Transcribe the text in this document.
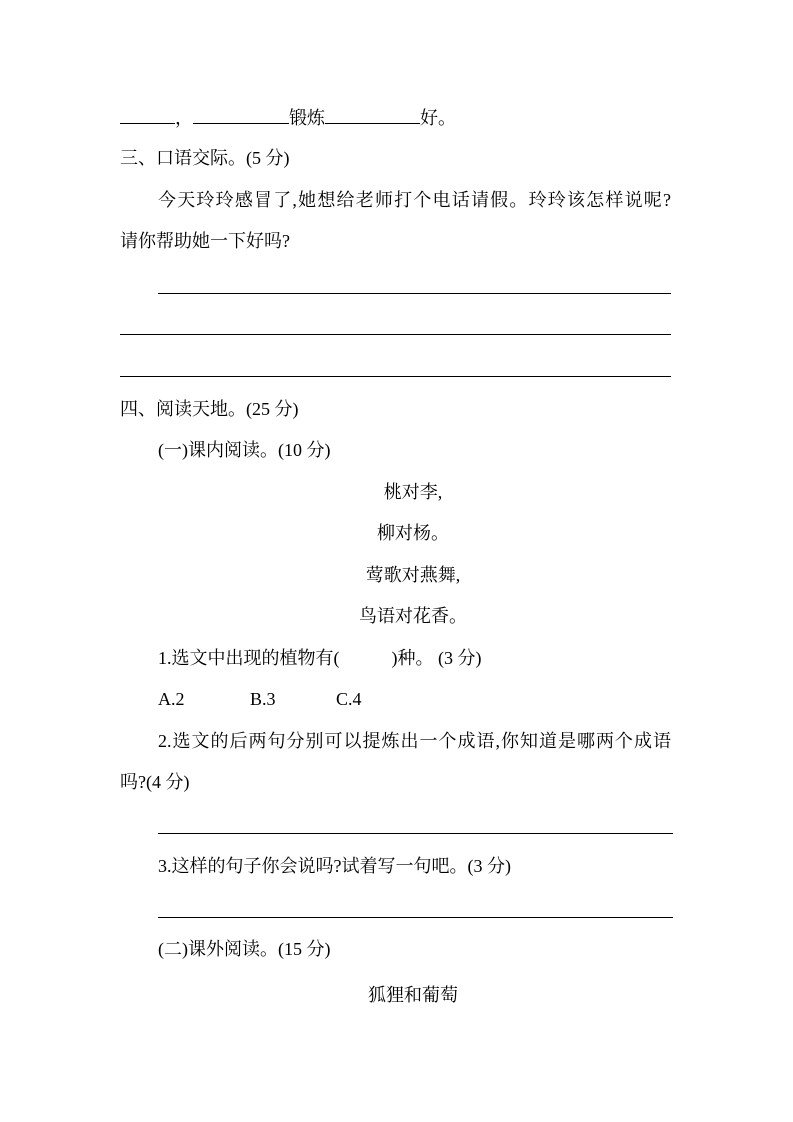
，	锻炼	好。
三、口语交际。(5 分)
今天玲玲感冒了,她想给老师打个电话请假。玲玲该怎样说呢?
请你帮助她一下好吗?
四、阅读天地。(25 分)
(一)课内阅读。(10 分)
桃对李,
柳对杨。
莺歌对燕舞,
鸟语对花香。
1.选文中出现的植物有(	)种。 (3 分)
A.2	B.3	C.4
2.选文的后两句分别可以提炼出一个成语,你知道是哪两个成语
吗?(4 分)
3.这样的句子你会说吗?试着写一句吧。(3 分)
(二)课外阅读。(15 分)
狐狸和葡萄
